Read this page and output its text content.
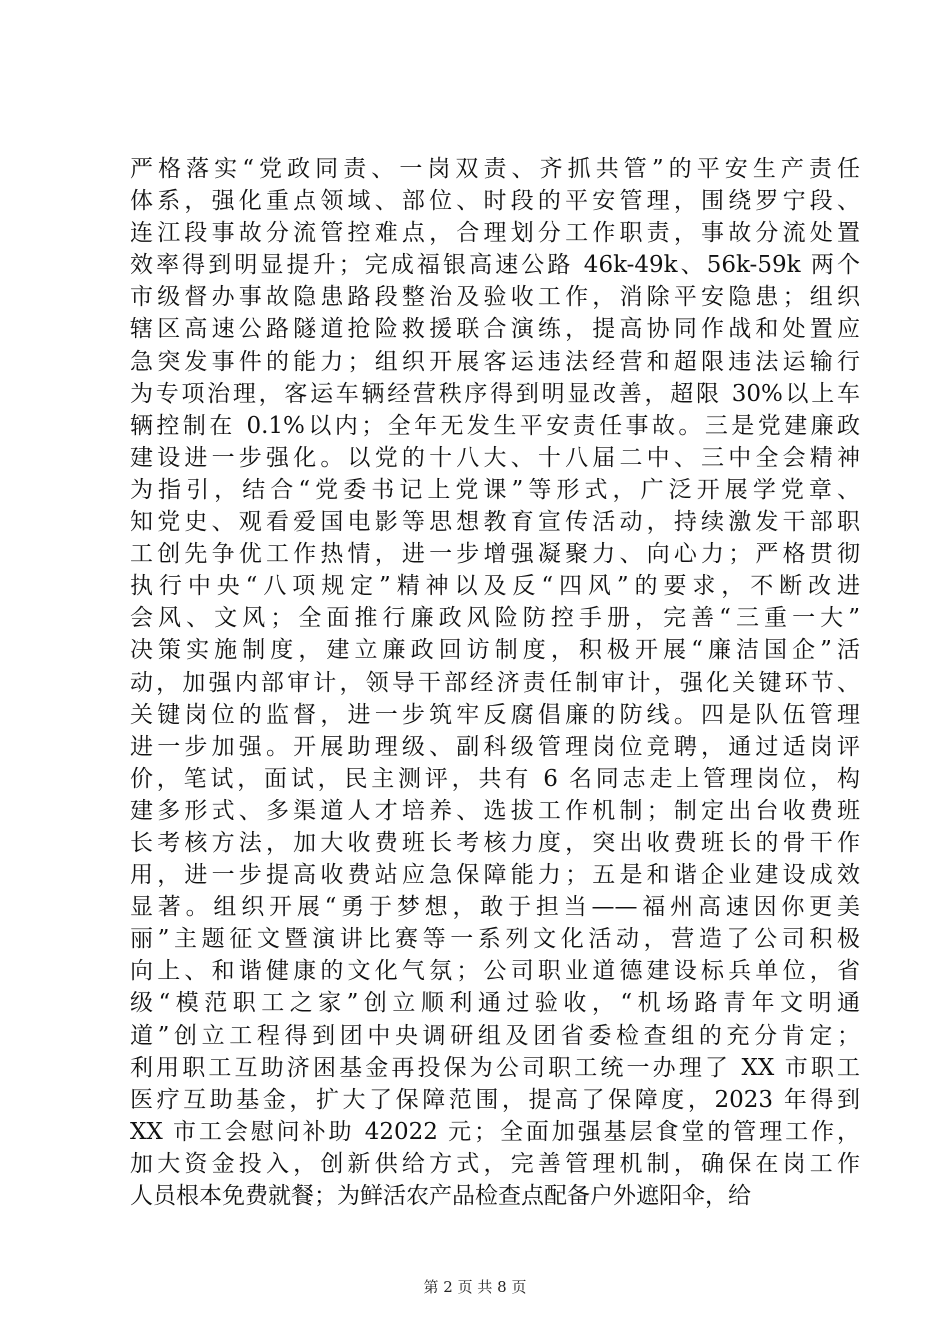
严格落实“党政同责、一岗双责、齐抓共管”的平安生产责任
体系，强化重点领域、部位、时段的平安管理，围绕罗宁段、
连江段事故分流管控难点，合理划分工作职责，事故分流处置
效率得到明显提升；完成福银高速公路 46k-49k、56k-59k 两个
市级督办事故隐患路段整治及验收工作，消除平安隐患；组织
辖区高速公路隧道抢险救援联合演练，提高协同作战和处置应
急突发事件的能力；组织开展客运违法经营和超限违法运输行
为专项治理，客运车辆经营秩序得到明显改善，超限 30%以上车
辆控制在 0.1%以内；全年无发生平安责任事故。三是党建廉政
建设进一步强化。以党的十八大、十八届二中、三中全会精神
为指引，结合“党委书记上党课”等形式，广泛开展学党章、
知党史、观看爱国电影等思想教育宣传活动，持续激发干部职
工创先争优工作热情，进一步增强凝聚力、向心力；严格贯彻
执行中央“八项规定”精神以及反“四风”的要求，不断改进
会风、文风；全面推行廉政风险防控手册，完善“三重一大”
决策实施制度，建立廉政回访制度，积极开展“廉洁国企”活
动，加强内部审计，领导干部经济责任制审计，强化关键环节、
关键岗位的监督，进一步筑牢反腐倡廉的防线。四是队伍管理
进一步加强。开展助理级、副科级管理岗位竞聘，通过适岗评
价，笔试，面试，民主测评，共有 6 名同志走上管理岗位，构
建多形式、多渠道人才培养、选拔工作机制；制定出台收费班
长考核方法，加大收费班长考核力度，突出收费班长的骨干作
用，进一步提高收费站应急保障能力；五是和谐企业建设成效
显著。组织开展“勇于梦想，敢于担当——福州高速因你更美
丽”主题征文暨演讲比赛等一系列文化活动，营造了公司积极
向上、和谐健康的文化气氛；公司职业道德建设标兵单位，省
级“模范职工之家”创立顺利通过验收，“机场路青年文明通
道”创立工程得到团中央调研组及团省委检查组的充分肯定；
利用职工互助济困基金再投保为公司职工统一办理了 XX 市职工
医疗互助基金，扩大了保障范围，提高了保障度，2023 年得到
XX 市工会慰问补助 42022 元；全面加强基层食堂的管理工作，
加大资金投入，创新供给方式，完善管理机制，确保在岗工作
人员根本免费就餐；为鲜活农产品检查点配备户外遮阳伞，给
第 2 页 共 8 页
